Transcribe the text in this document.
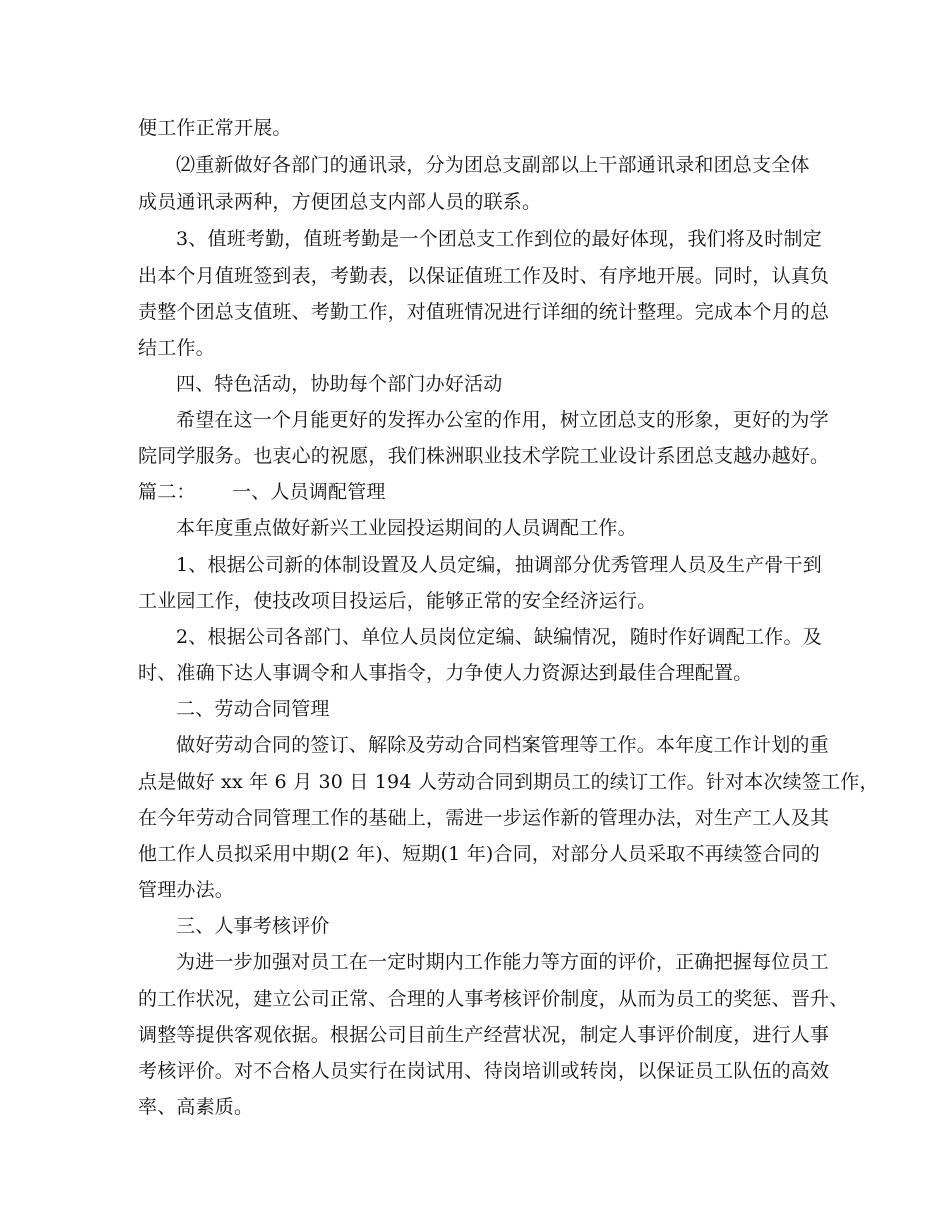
便工作正常开展。
⑵重新做好各部门的通讯录，分为团总支副部以上干部通讯录和团总支全体
成员通讯录两种，方便团总支内部人员的联系。
3、值班考勤，值班考勤是一个团总支工作到位的最好体现，我们将及时制定
出本个月值班签到表，考勤表，以保证值班工作及时、有序地开展。同时，认真负
责整个团总支值班、考勤工作，对值班情况进行详细的统计整理。完成本个月的总
结工作。
四、特色活动，协助每个部门办好活动
希望在这一个月能更好的发挥办公室的作用，树立团总支的形象，更好的为学
院同学服务。也衷心的祝愿，我们株洲职业技术学院工业设计系团总支越办越好。
篇二：	一、人员调配管理
本年度重点做好新兴工业园投运期间的人员调配工作。
1、根据公司新的体制设置及人员定编，抽调部分优秀管理人员及生产骨干到
工业园工作，使技改项目投运后，能够正常的安全经济运行。
2、根据公司各部门、单位人员岗位定编、缺编情况，随时作好调配工作。及
时、准确下达人事调令和人事指令，力争使人力资源达到最佳合理配置。
二、劳动合同管理
做好劳动合同的签订、解除及劳动合同档案管理等工作。本年度工作计划的重
点是做好 xx 年 6 月 30 日 194 人劳动合同到期员工的续订工作。针对本次续签工作，
在今年劳动合同管理工作的基础上，需进一步运作新的管理办法，对生产工人及其
他工作人员拟采用中期(2 年)、短期(1 年)合同，对部分人员采取不再续签合同的
管理办法。
三、人事考核评价
为进一步加强对员工在一定时期内工作能力等方面的评价，正确把握每位员工
的工作状况，建立公司正常、合理的人事考核评价制度，从而为员工的奖惩、晋升、
调整等提供客观依据。根据公司目前生产经营状况，制定人事评价制度，进行人事
考核评价。对不合格人员实行在岗试用、待岗培训或转岗，以保证员工队伍的高效
率、高素质。
